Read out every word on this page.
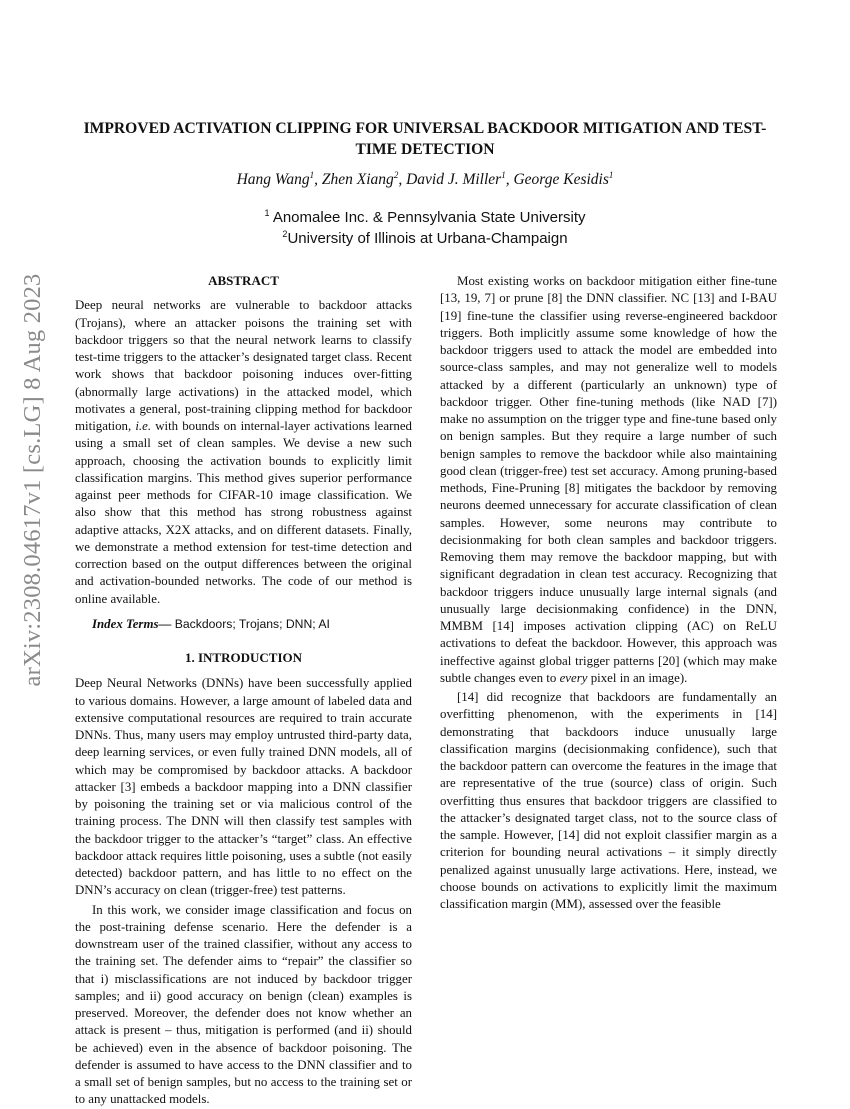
arXiv:2308.04617v1 [cs.LG] 8 Aug 2023
IMPROVED ACTIVATION CLIPPING FOR UNIVERSAL BACKDOOR MITIGATION AND TEST-TIME DETECTION
Hang Wang$^1$, Zhen Xiang$^2$, David J. Miller$^1$, George Kesidis$^1$
$^1$ Anomalee Inc. & Pennsylvania State University
$^2$University of Illinois at Urbana-Champaign

ABSTRACT

Deep neural networks are vulnerable to backdoor attacks (Trojans), where an attacker poisons the training set with backdoor triggers so that the neural network learns to classify test-time triggers to the attacker’s designated target class. Recent work shows that backdoor poisoning induces over-fitting (abnormally large activations) in the attacked model, which motivates a general, post-training clipping method for backdoor mitigation, i.e. with bounds on internal-layer activations learned using a small set of clean samples. We devise a new such approach, choosing the activation bounds to explicitly limit classification margins. This method gives superior performance against peer methods for CIFAR-10 image classification. We also show that this method has strong robustness against adaptive attacks, X2X attacks, and on different datasets. Finally, we demonstrate a method extension for test-time detection and correction based on the output differences between the original and activation-bounded networks. The code of our method is online available.

Index Terms— Backdoors; Trojans; DNN; AI

1. INTRODUCTION

Deep Neural Networks (DNNs) have been successfully applied to various domains. However, a large amount of labeled data and extensive computational resources are required to train accurate DNNs. Thus, many users may employ untrusted third-party data, deep learning services, or even fully trained DNN models, all of which may be compromised by backdoor attacks. A backdoor attacker [3] embeds a backdoor mapping into a DNN classifier by poisoning the training set or via malicious control of the training process. The DNN will then classify test samples with the backdoor trigger to the attacker’s “target” class. An effective backdoor attack requires little poisoning, uses a subtle (not easily detected) backdoor pattern, and has little to no effect on the DNN’s accuracy on clean (trigger-free) test patterns.

In this work, we consider image classification and focus on the post-training defense scenario. Here the defender is a downstream user of the trained classifier, without any access to the training set. The defender aims to “repair” the classifier so that i) misclassifications are not induced by backdoor trigger samples; and ii) good accuracy on benign (clean) examples is preserved. Moreover, the defender does not know whether an attack is present – thus, mitigation is performed (and ii) should be achieved) even in the absence of backdoor poisoning. The defender is assumed to have access to the DNN classifier and to a small set of benign samples, but no access to the training set or to any unattacked models.

Most existing works on backdoor mitigation either fine-tune [13, 19, 7] or prune [8] the DNN classifier. NC [13] and I-BAU [19] fine-tune the classifier using reverse-engineered backdoor triggers. Both implicitly assume some knowledge of how the backdoor triggers used to attack the model are embedded into source-class samples, and may not generalize well to models attacked by a different (particularly an unknown) type of backdoor trigger. Other fine-tuning methods (like NAD [7]) make no assumption on the trigger type and fine-tune based only on benign samples. But they require a large number of such benign samples to remove the backdoor while also maintaining good clean (trigger-free) test set accuracy. Among pruning-based methods, Fine-Pruning [8] mitigates the backdoor by removing neurons deemed unnecessary for accurate classification of clean samples. However, some neurons may contribute to decisionmaking for both clean samples and backdoor triggers. Removing them may remove the backdoor mapping, but with significant degradation in clean test accuracy. Recognizing that backdoor triggers induce unusually large internal signals (and unusually large decisionmaking confidence) in the DNN, MMBM [14] imposes activation clipping (AC) on ReLU activations to defeat the backdoor. However, this approach was ineffective against global trigger patterns [20] (which may make subtle changes even to every pixel in an image).

[14] did recognize that backdoors are fundamentally an overfitting phenomenon, with the experiments in [14] demonstrating that backdoors induce unusually large classification margins (decisionmaking confidence), such that the backdoor pattern can overcome the features in the image that are representative of the true (source) class of origin. Such overfitting thus ensures that backdoor triggers are classified to the attacker’s designated target class, not to the source class of the sample. However, [14] did not exploit classifier margin as a criterion for bounding neural activations – it simply directly penalized against unusually large activations. Here, instead, we choose bounds on activations to explicitly limit the maximum classification margin (MM), assessed over the feasible
